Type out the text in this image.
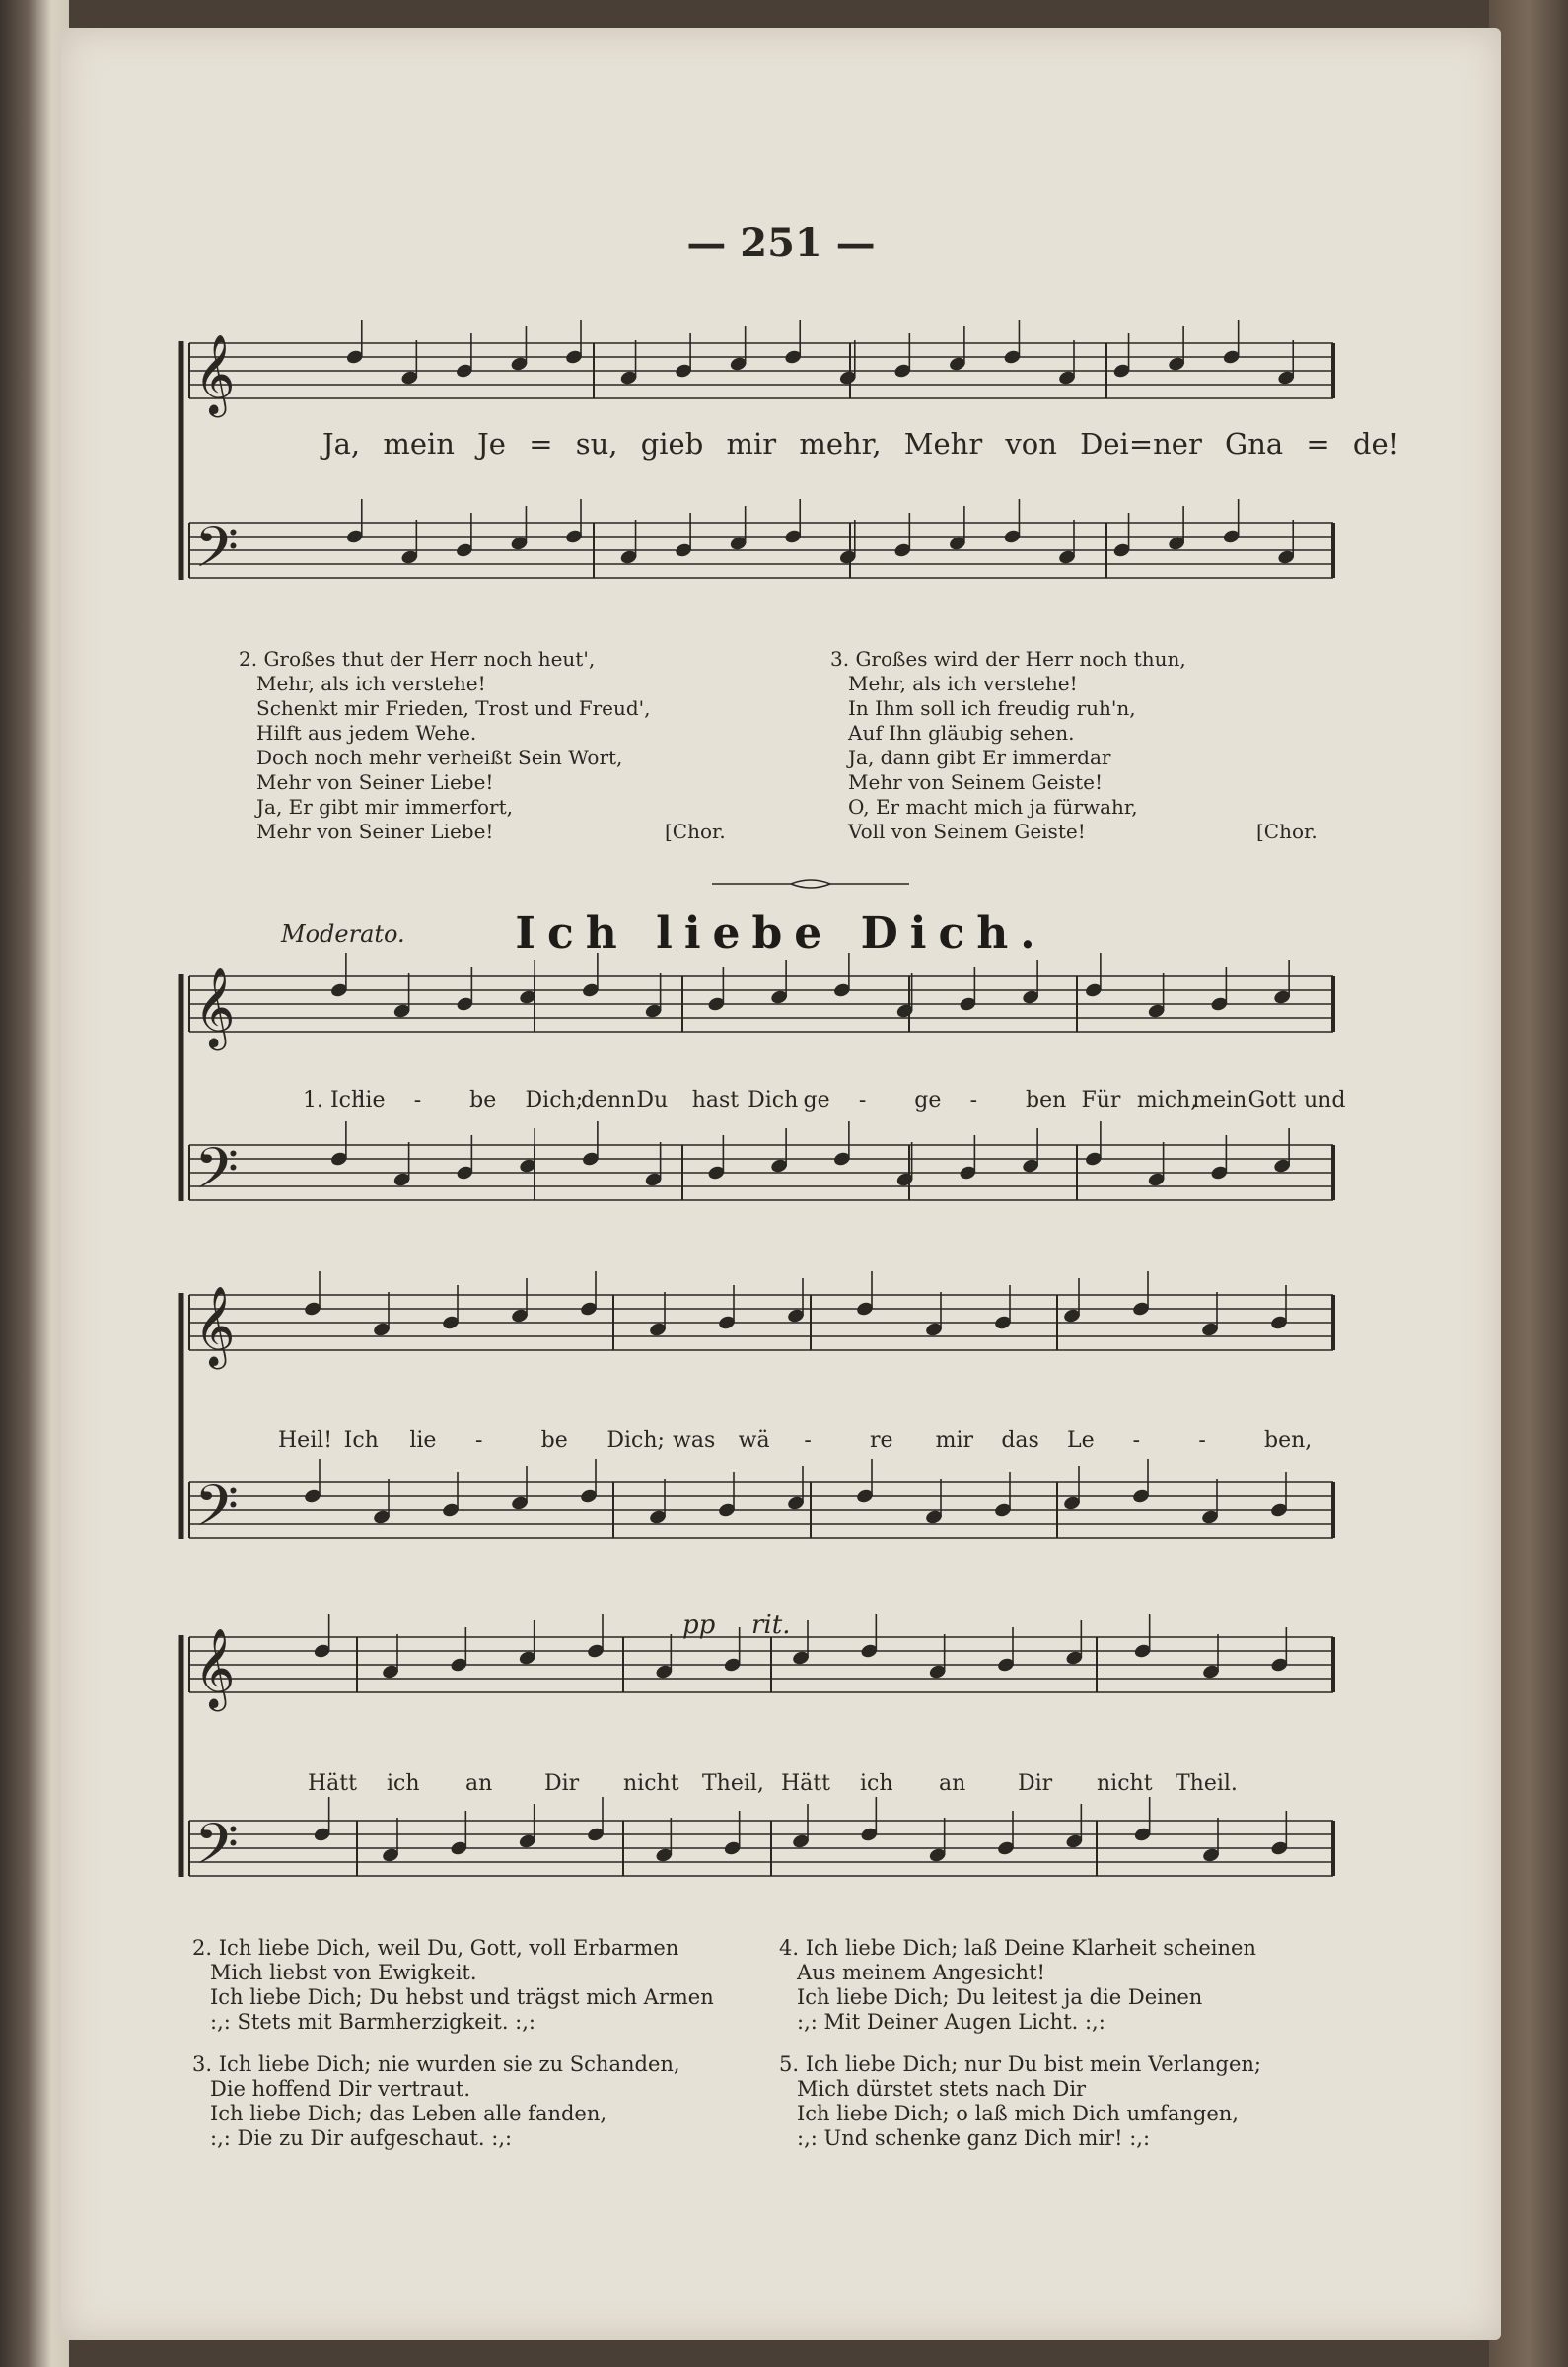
— 251 —
𝄞
𝄢
𝄞
𝄢
𝄞
𝄢
𝄞
𝄢
Ja, mein Je = su, gieb mir mehr, Mehr von Dei=ner Gna = de!
2. Großes thut der Herr noch heut',
Mehr, als ich verstehe!
Schenkt mir Frieden, Trost und Freud',
Hilft aus jedem Wehe.
Doch noch mehr verheißt Sein Wort,
Mehr von Seiner Liebe!
Ja, Er gibt mir immerfort,
Mehr von Seiner Liebe!	[Chor.
3. Großes wird der Herr noch thun,
Mehr, als ich verstehe!
In Ihm soll ich freudig ruh'n,
Auf Ihn gläubig sehen.
Ja, dann gibt Er immerdar
Mehr von Seinem Geiste!
O, Er macht mich ja fürwahr,
Voll von Seinem Geiste!	[Chor.
Moderato.	Ich liebe Dich.
1. Ich
lie - be Dich;
denn Du hast Dich ge - ge - ben Für mich,
mein Gott und
Heil! Ich lie -	be Dich; was wä -	re mir das Le -	-	ben,
Hätt ich an Dir nicht Theil, Hätt ich an Dir nicht Theil.
pp rit.
2. Ich liebe Dich, weil Du, Gott, voll Erbarmen
Mich liebst von Ewigkeit.
Ich liebe Dich; Du hebst und trägst mich Armen
:,: Stets mit Barmherzigkeit. :,:
3. Ich liebe Dich; nie wurden sie zu Schanden,
Die hoffend Dir vertraut.
Ich liebe Dich; das Leben alle fanden,
:,: Die zu Dir aufgeschaut. :,:
4. Ich liebe Dich; laß Deine Klarheit scheinen
Aus meinem Angesicht!
Ich liebe Dich; Du leitest ja die Deinen
:,: Mit Deiner Augen Licht. :,:
5. Ich liebe Dich; nur Du bist mein Verlangen;
Mich dürstet stets nach Dir
Ich liebe Dich; o laß mich Dich umfangen,
:,: Und schenke ganz Dich mir! :,:
